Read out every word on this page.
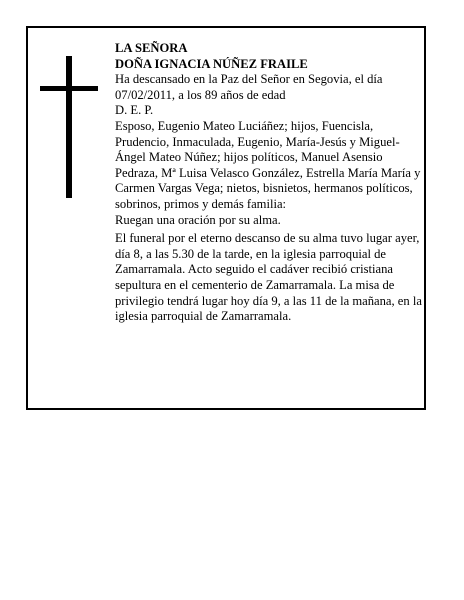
LA SEÑORA

DOÑA IGNACIA NÚÑEZ FRAILE

Ha descansado en la Paz del Señor en Segovia, el día 07/02/2011, a los 89 años de edad

D. E. P.

Esposo, Eugenio Mateo Luciáñez; hijos, Fuencisla, Prudencio, Inmaculada, Eugenio, María-Jesús y Miguel-Ángel Mateo Núñez; hijos políticos, Manuel Asensio Pedraza, Mª Luisa Velasco González, Estrella María María y Carmen Vargas Vega; nietos, bisnietos, hermanos políticos, sobrinos, primos y demás familia:

Ruegan una oración por su alma.

El funeral por el eterno descanso de su alma tuvo lugar ayer, día 8, a las 5.30 de la tarde, en la iglesia parroquial de Zamarramala. Acto seguido el cadáver recibió cristiana sepultura en el cementerio de Zamarramala. La misa de privilegio tendrá lugar hoy día 9, a las 11 de la mañana, en la iglesia parroquial de Zamarramala.
